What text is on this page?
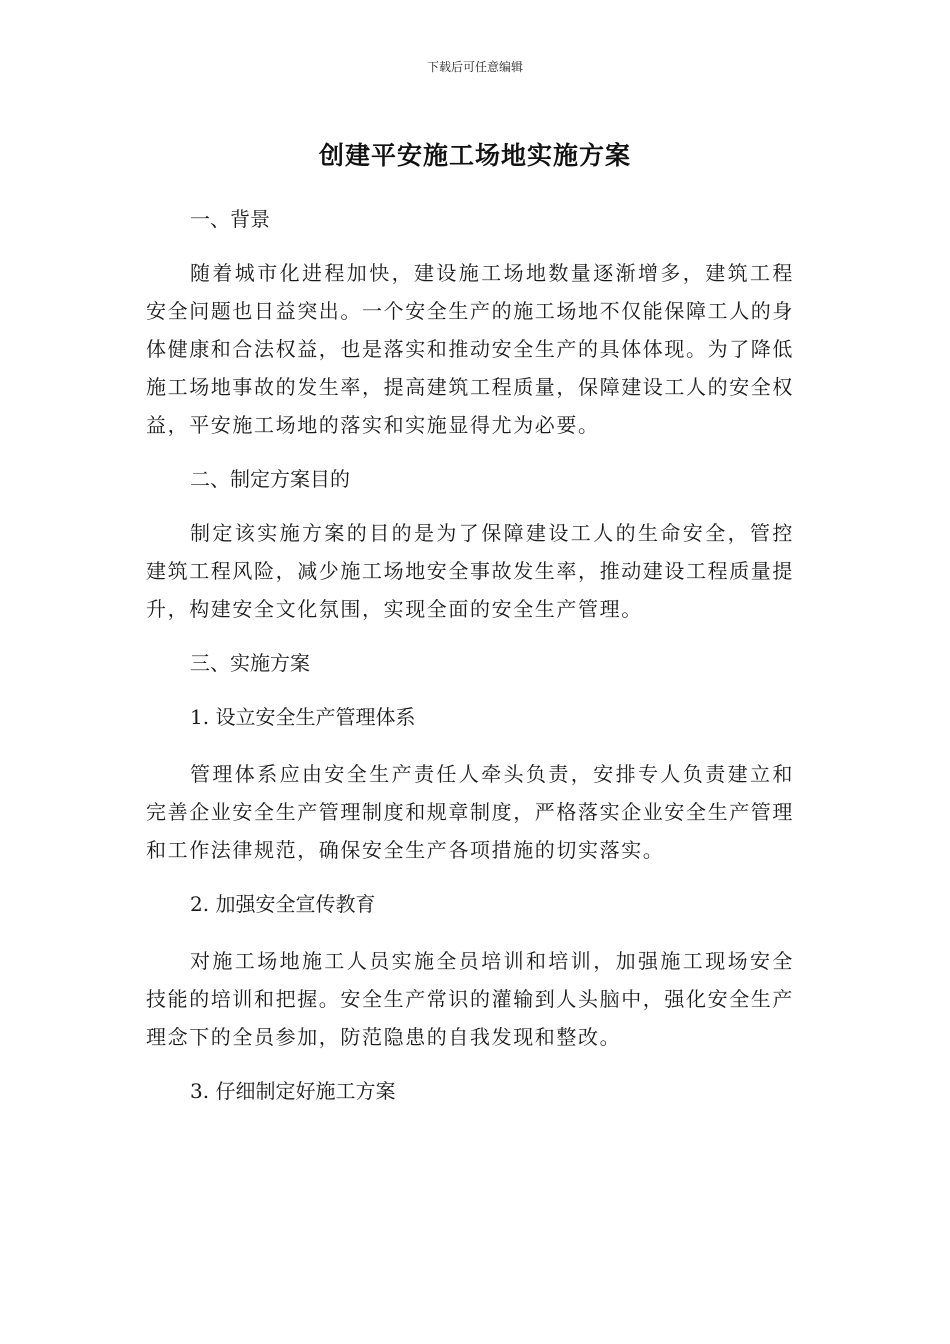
下载后可任意编辑
创建平安施工场地实施方案

一、背景

随着城市化进程加快，建设施工场地数量逐渐增多，建筑工程安全问题也日益突出。一个安全生产的施工场地不仅能保障工人的身体健康和合法权益，也是落实和推动安全生产的具体体现。为了降低施工场地事故的发生率，提高建筑工程质量，保障建设工人的安全权益，平安施工场地的落实和实施显得尤为必要。

二、制定方案目的

制定该实施方案的目的是为了保障建设工人的生命安全，管控建筑工程风险，减少施工场地安全事故发生率，推动建设工程质量提升，构建安全文化氛围，实现全面的安全生产管理。

三、实施方案

1. 设立安全生产管理体系

管理体系应由安全生产责任人牵头负责，安排专人负责建立和完善企业安全生产管理制度和规章制度，严格落实企业安全生产管理和工作法律规范，确保安全生产各项措施的切实落实。

2. 加强安全宣传教育

对施工场地施工人员实施全员培训和培训，加强施工现场安全技能的培训和把握。安全生产常识的灌输到人头脑中，强化安全生产理念下的全员参加，防范隐患的自我发现和整改。

3. 仔细制定好施工方案
